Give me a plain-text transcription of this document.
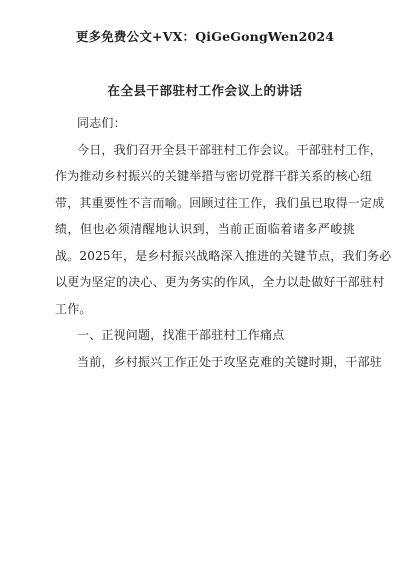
更多免费公文+VX：QiGeGongWen2024
在全县干部驻村工作会议上的讲话
同志们：
今日，我们召开全县干部驻村工作会议。干部驻村工作，
作为推动乡村振兴的关键举措与密切党群干群关系的核心纽
带，其重要性不言而喻。回顾过往工作，我们虽已取得一定成
绩，但也必须清醒地认识到，当前正面临着诸多严峻挑
战。2025年，是乡村振兴战略深入推进的关键节点，我们务必
以更为坚定的决心、更为务实的作风，全力以赴做好干部驻村
工作。
一、正视问题，找准干部驻村工作痛点
当前，乡村振兴工作正处于攻坚克难的关键时期，干部驻
